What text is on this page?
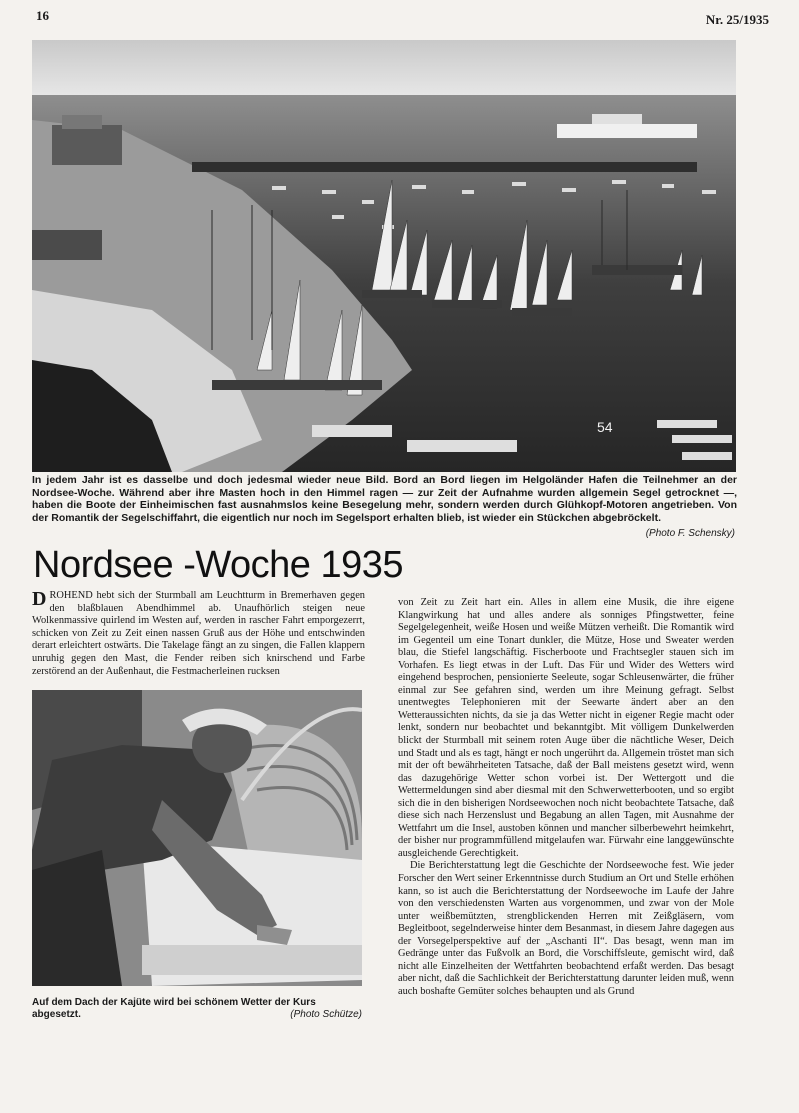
16	Nr. 25/1935
54
In jedem Jahr ist es dasselbe und doch jedesmal wieder neue Bild. Bord an Bord liegen im Helgoländer Hafen die Teilnehmer an der Nordsee-Woche. Während aber ihre Masten hoch in den Himmel ragen — zur Zeit der Aufnahme wurden allgemein Segel getrocknet —, haben die Boote der Einheimischen fast ausnahmslos keine Besegelung mehr, sondern werden durch Glühkopf-Motoren angetrieben. Von der Romantik der Segelschiffahrt, die eigentlich nur noch im Segelsport erhalten blieb, ist wieder ein Stückchen abgebröckelt.
(Photo F. Schensky)
Nordsee -Woche 1935
DROHEND hebt sich der Sturmball am Leuchtturm in Bremerhaven gegen den blaßblauen Abendhimmel ab. Unaufhörlich steigen neue Wolkenmassive quirlend im Westen auf, werden in rascher Fahrt emporgezerrt, schicken von Zeit zu Zeit einen nassen Gruß aus der Höhe und entschwinden derart erleichtert ostwärts. Die Takelage fängt an zu singen, die Fallen klappern unruhig gegen den Mast, die Fender reiben sich knirschend und Farbe zerstörend an der Außenhaut, die Festmacherleinen rucksen
Auf dem Dach der Kajüte wird bei schönem Wetter der Kurs abgesetzt.	(Photo Schütze)

von Zeit zu Zeit hart ein. Alles in allem eine Musik, die ihre eigene Klangwirkung hat und alles andere als sonniges Pfingstwetter, feine Segelgelegenheit, weiße Hosen und weiße Mützen verheißt. Die Romantik wird im Gegenteil um eine Tonart dunkler, die Mütze, Hose und Sweater werden blau, die Stiefel langschäftig. Fischerboote und Frachtsegler stauen sich im Vorhafen. Es liegt etwas in der Luft. Das Für und Wider des Wetters wird eingehend besprochen, pensionierte Seeleute, sogar Schleusenwärter, die früher einmal zur See gefahren sind, werden um ihre Meinung gefragt. Selbst unentwegtes Telephonieren mit der Seewarte ändert aber an den Wetteraussichten nichts, da sie ja das Wetter nicht in eigener Regie macht oder lenkt, sondern nur beobachtet und bekanntgibt. Mit völligem Dunkelwerden blickt der Sturmball mit seinem roten Auge über die nächtliche Weser, Deich und Stadt und als es tagt, hängt er noch ungerührt da. Allgemein tröstet man sich mit der oft bewährheiteten Tatsache, daß der Ball meistens gesetzt wird, wenn das dazugehörige Wetter schon vorbei ist. Der Wettergott und die Wettermeldungen sind aber diesmal mit den Schwerwetterbooten, und so ergibt sich die in den bisherigen Nordseewochen noch nicht beobachtete Tatsache, daß diese sich nach Herzenslust und Begabung an allen Tagen, mit Ausnahme der Wettfahrt um die Insel, austoben können und mancher silberbewehrt heimkehrt, der bisher nur programmfüllend mitgelaufen war. Fürwahr eine langgewünschte ausgleichende Gerechtigkeit.

Die Berichterstattung legt die Geschichte der Nordseewoche fest. Wie jeder Forscher den Wert seiner Erkenntnisse durch Studium an Ort und Stelle erhöhen kann, so ist auch die Berichterstattung der Nordseewoche im Laufe der Jahre von den verschiedensten Warten aus vorgenommen, und zwar von der Mole unter weißbemützten, strengblickenden Herren mit Zeißgläsern, vom Begleitboot, segelnderweise hinter dem Besanmast, in diesem Jahre dagegen aus der Vorsegelperspektive auf der „Aschanti II“. Das besagt, wenn man im Gedränge unter das Fußvolk an Bord, die Vorschiffsleute, gemischt wird, daß nicht alle Einzelheiten der Wettfahrten beobachtend erfaßt werden. Das besagt aber nicht, daß die Sachlichkeit der Berichterstattung darunter leiden muß, wenn auch boshafte Gemüter solches behaupten und als Grund
